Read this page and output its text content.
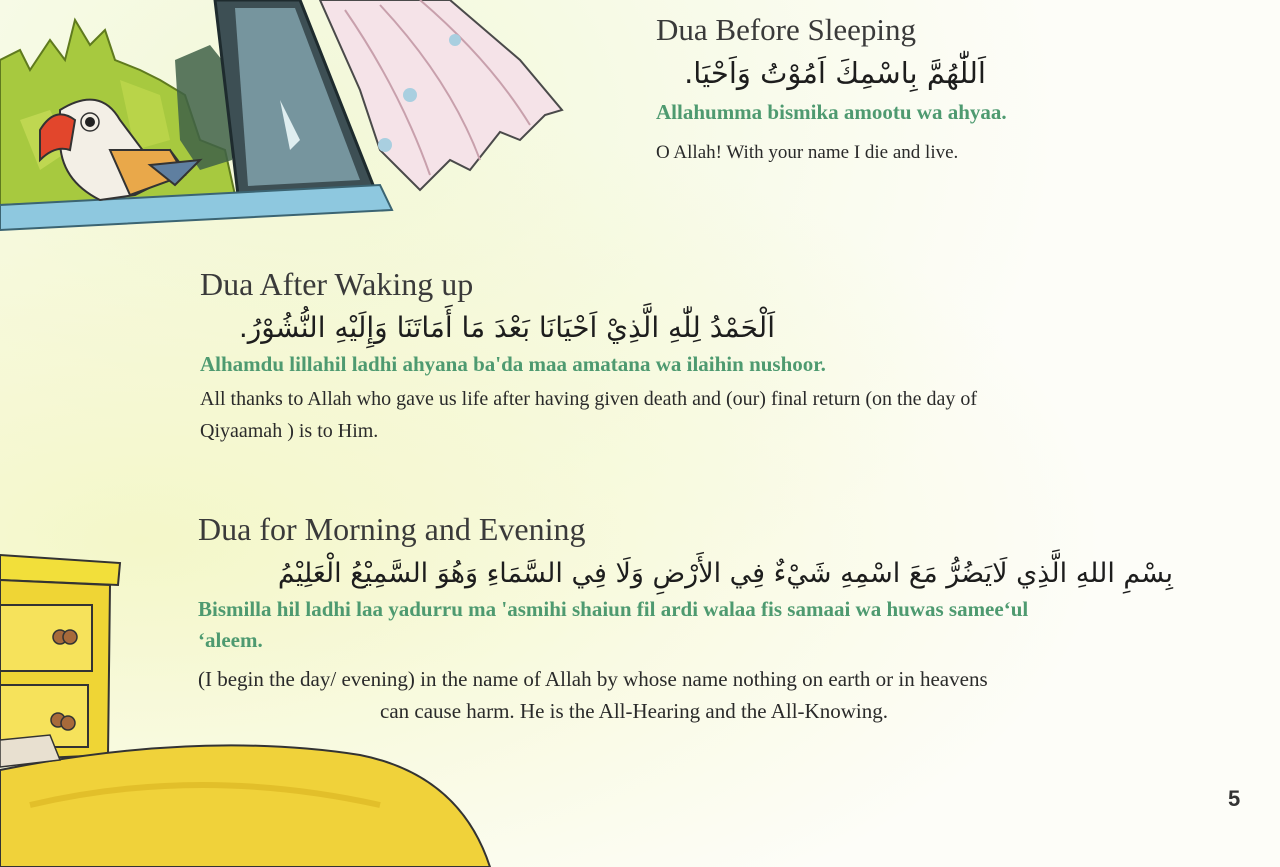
Dua Before Sleeping
اَللّٰهُمَّ بِاسْمِكَ اَمُوْتُ وَاَحْيَا.

Allahumma bismika amootu wa ahyaa.

O Allah! With your name I die and live.

Dua After Waking up
اَلْحَمْدُ لِلّٰهِ الَّذِيْ اَحْيَانَا بَعْدَ مَا أَمَاتَنَا وَإِلَيْهِ النُّشُوْرُ.

Alhamdu lillahil ladhi ahyana ba'da maa amatana wa ilaihin nushoor.

All thanks to Allah who gave us life after having given death and (our) final return (on the day of

Qiyaamah ) is to Him.

Dua for Morning and Evening
بِسْمِ اللهِ الَّذِي لَايَضُرُّ مَعَ اسْمِهِ شَيْءٌ فِي الأَرْضِ وَلَا فِي السَّمَاءِ وَهُوَ السَّمِيْعُ الْعَلِيْمُ

Bismilla hil ladhi laa yadurru ma 'asmihi shaiun fil ardi walaa fis samaai wa huwas samee‘ul

‘aleem.

(I begin the day/ evening) in the name of Allah by whose name nothing on earth or in heavens

can cause harm. He is the All-Hearing and the All-Knowing.

5
